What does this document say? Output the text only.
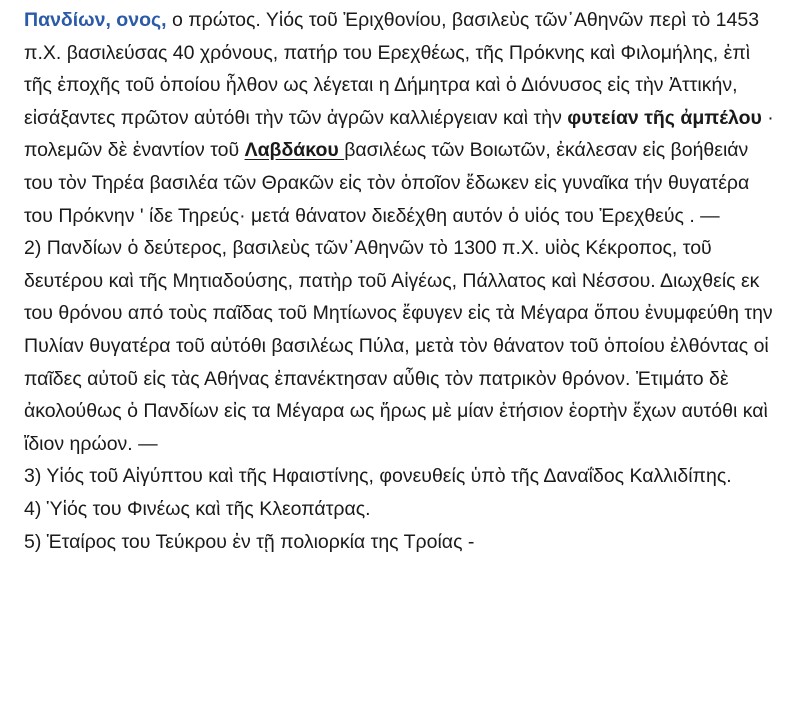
Πανδίων, ονος, ο πρώτος. Υἱός τοῦ Ἐριχθονίου, βασιλεὺς τῶν᾽Αθηνῶν περὶ τὸ 1453 π.Χ. βασιλεύσας 40 χρόνους, πατήρ του Ερεχθέως, τῆς Πρόκνης καὶ Φιλομήλης, ἐπὶ τῆς ἐποχῆς τοῦ ὁποίου ἦλθον ως λέγεται η Δήμητρα καὶ ὁ Διόνυσος εἰς τὴν Ἀττικήν, εἰσάξαντες πρῶτον αὐτόθι τὴν τῶν ἀγρῶν καλλιέργειαν καὶ τὴν φυτείαν τῆς ἀμπέλου · πολεμῶν δὲ ἐναντίον τοῦ Λαβδάκου βασιλέως τῶν Βοιωτῶν, ἐκάλεσαν εἰς βοήθειάν του τὸν Τηρέα βασιλέα τῶν Θρακῶν εἰς τὸν ὁποῖον ἔδωκεν εἰς γυναῖκα τήν θυγατέρα του Πρόκνην ' ίδε Τηρεύς· μετά θάνατον διεδέχθη αυτόν ὁ υἱός του Ἐρεχθεύς . —

2) Πανδίων ὁ δεύτερος, βασιλεὺς τῶν᾽Αθηνῶν τὸ 1300 π.Χ. υἱὸς Κέκροπος, τοῦ δευτέρου καὶ τῆς Μητιαδούσης, πατὴρ τοῦ Αἰγέως, Πάλλατος καὶ Νέσσου. Διωχθείς εκ του θρόνου από τοὺς παῖδας τοῦ Μητίωνος ἔφυγεν εἰς τὰ Μέγαρα ὅπου ἐνυμφεύθη την Πυλίαν θυγατέρα τοῦ αὐτόθι βασιλέως Πύλα, μετὰ τὸν θάνατον τοῦ ὁποίου ἐλθόντας οἱ παῖδες αὐτοῦ εἰς τὰς Αθήνας ἐπανέκτησαν αὖθις τὸν πατρικὸν θρόνον. Ἐτιμάτο δὲ ἀκολούθως ὁ Πανδίων εἰς τα Μέγαρα ως ἥρως μὲ μίαν ἐτήσιον ἑορτὴν ἔχων αυτόθι καὶ ἴδιον ηρώον. —

3) Υἱός τοῦ Αἰγύπτου καὶ τῆς Ηφαιστίνης, φονευθείς ὑπὸ τῆς Δαναΐδος Καλλιδίπης.

4) Ὑἱός του Φινέως καὶ τῆς Κλεοπάτρας.

5) Ἑταίρος του Τεύκρου ἐν τῇ πολιορκία της Τροίας -
